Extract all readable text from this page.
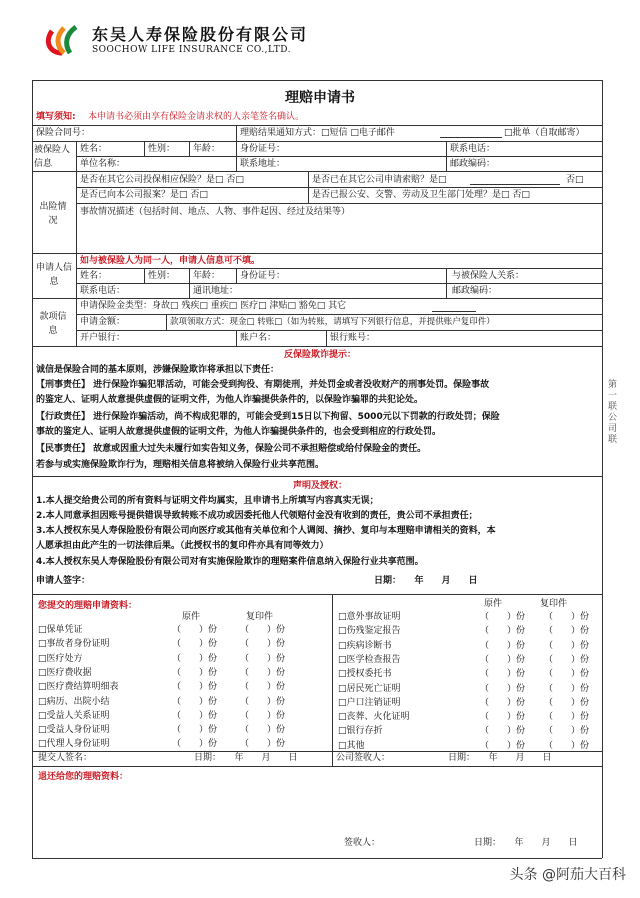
东吴人寿保险股份有限公司
SOOCHOW LIFE INSURANCE CO.,LTD.
理赔申请书
填写须知: 本申请书必须由享有保险金请求权的人亲笔签名确认。
第一联 公司联
保险合同号：	理赔结果通知方式：□短信 □电子邮件	□批单（自取邮寄）
被保险人信息
姓名：	性别： 年龄： 身份证号：	联系电话：
单位名称：	联系地址：	邮政编码：
出险情况
是否在其它公司投保相应保险？是□ 否□	是否已在其它公司申请索赔？是□	否□
是否已向本公司报案？是□ 否□	是否已报公安、交警、劳动及卫生部门处理？是□ 否□
事故情况描述（包括时间、地点、人物、事件起因、经过及结果等）
申请人信息
如与被保险人为同一人，申请人信息可不填。
姓名：	性别： 年龄： 身份证号：	与被保险人关系：
联系电话：	通讯地址：	邮政编码：
款项信息
申请保险金类型：身故□ 残疾□ 重疾□ 医疗□ 津贴□ 豁免□ 其它
申请金额：	款项领取方式：现金□ 转账□（如为转账，请填写下列银行信息，并提供账户复印件）
开户银行：	账户名：	银行账号：
反保险欺诈提示：
诚信是保险合同的基本原则，涉嫌保险欺诈将承担以下责任：
【刑事责任】 进行保险诈骗犯罪活动，可能会受到拘役、有期徒刑，并处罚金或者没收财产的刑事处罚。保险事故
的鉴定人、证明人故意提供虚假的证明文件，为他人诈骗提供条件的，以保险诈骗罪的共犯论处。
【行政责任】 进行保险诈骗活动，尚不构成犯罪的，可能会受到15日以下拘留、5000元以下罚款的行政处罚；保险
事故的鉴定人、证明人故意提供虚假的证明文件，为他人诈骗提供条件的，也会受到相应的行政处罚。
【民事责任】 故意或因重大过失未履行如实告知义务，保险公司不承担赔偿或给付保险金的责任。
若参与或实施保险欺诈行为，理赔相关信息将被纳入保险行业共享范围。
声明及授权：
1.本人提交给贵公司的所有资料与证明文件均属实，且申请书上所填写内容真实无误；
2.本人同意承担因账号提供错误导致转账不成功或因委托他人代领赔付金没有收到的责任，贵公司不承担责任；
3.本人授权东吴人寿保险股份有限公司向医疗或其他有关单位和个人调阅、摘抄、复印与本理赔申请相关的资料，本
人愿承担由此产生的一切法律后果。（此授权书的复印件亦具有同等效力）
4.本人授权东吴人寿保险股份有限公司对有实施保险欺诈的理赔案件信息纳入保险行业共享范围。
申请人签字：	日期：　　年　　月　　日
您提交的理赔申请资料：
原件	复印件
原件	复印件
□保单凭证	（　　）份	（　　）份
□事故者身份证明	（　　）份	（　　）份
□医疗处方	（　　）份	（　　）份
□医疗费收据	（　　）份	（　　）份
□医疗费结算明细表	（　　）份	（　　）份
□病历、出院小结	（　　）份	（　　）份
□受益人关系证明	（　　）份	（　　）份
□受益人身份证明	（　　）份	（　　）份
□代理人身份证明	（　　）份	（　　）份
□意外事故证明	（　　）份 （　　）份
□伤残鉴定报告	（　　）份 （　　）份
□疾病诊断书	（　　）份 （　　）份
□医学检查报告	（　　）份 （　　）份
□授权委托书	（　　）份 （　　）份
□居民死亡证明	（　　）份 （　　）份
□户口注销证明	（　　）份 （　　）份
□丧葬、火化证明	（　　）份 （　　）份
□银行存折	（　　）份 （　　）份
□其他	（　　）份 （　　）份
提交人签名：	日期：　　年　　月　　日	公司签收人：	日期：　　年　　月　　日
退还给您的理赔资料：
签收人：	日期：　　年　　月　　日
头条 @阿茄大百科
